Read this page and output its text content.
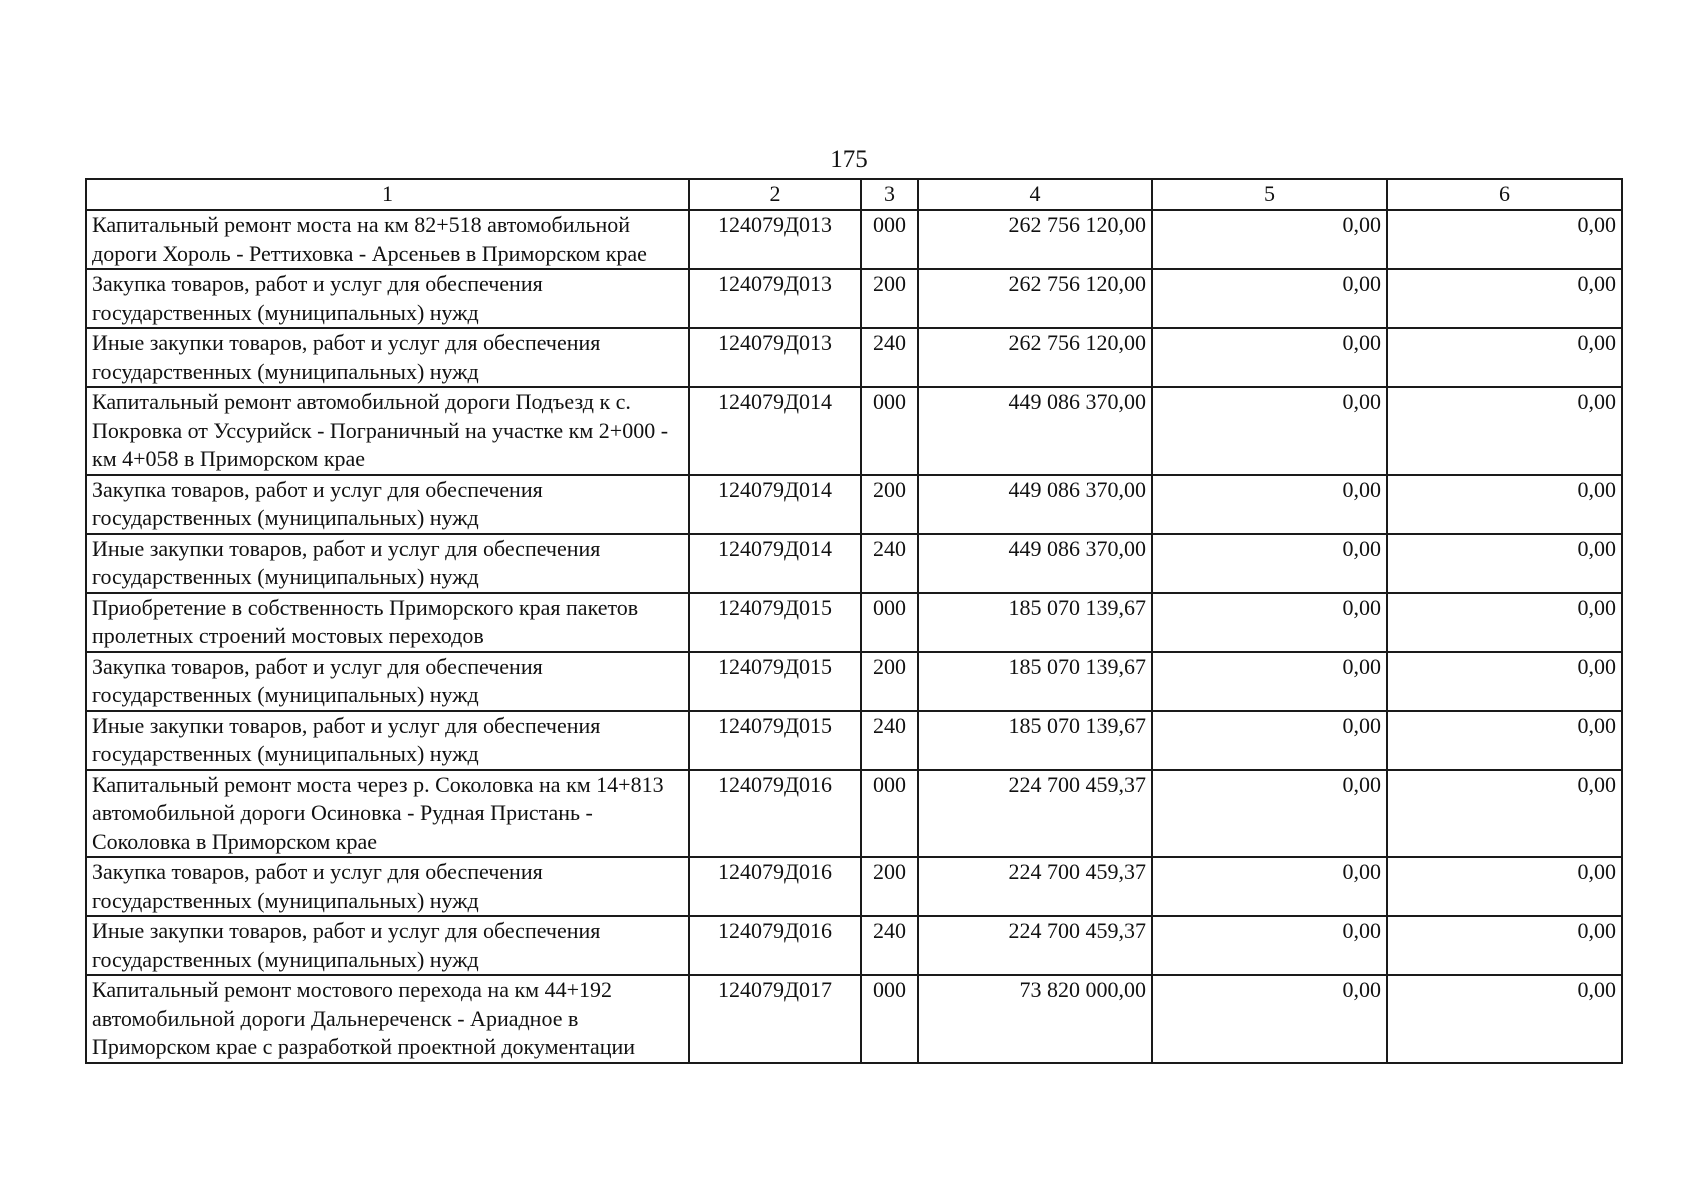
175
1	2	3	4	5	6
Капитальный ремонт моста на км 82+518 автомобильной дороги Хороль - Реттиховка - Арсеньев в Приморском крае	124079Д013	000	262 756 120,00	0,00	0,00
Закупка товаров, работ и услуг для обеспечения государственных (муниципальных) нужд	124079Д013	200	262 756 120,00	0,00	0,00
Иные закупки товаров, работ и услуг для обеспечения государственных (муниципальных) нужд	124079Д013	240	262 756 120,00	0,00	0,00
Капитальный ремонт автомобильной дороги Подъезд к с. Покровка от Уссурийск - Пограничный на участке км 2+000 - км 4+058 в Приморском крае	124079Д014	000	449 086 370,00	0,00	0,00
Закупка товаров, работ и услуг для обеспечения государственных (муниципальных) нужд	124079Д014	200	449 086 370,00	0,00	0,00
Иные закупки товаров, работ и услуг для обеспечения государственных (муниципальных) нужд	124079Д014	240	449 086 370,00	0,00	0,00
Приобретение в собственность Приморского края пакетов пролетных строений мостовых переходов	124079Д015	000	185 070 139,67	0,00	0,00
Закупка товаров, работ и услуг для обеспечения государственных (муниципальных) нужд	124079Д015	200	185 070 139,67	0,00	0,00
Иные закупки товаров, работ и услуг для обеспечения государственных (муниципальных) нужд	124079Д015	240	185 070 139,67	0,00	0,00
Капитальный ремонт моста через р. Соколовка на км 14+813 автомобильной дороги Осиновка - Рудная Пристань - Соколовка в Приморском крае	124079Д016	000	224 700 459,37	0,00	0,00
Закупка товаров, работ и услуг для обеспечения государственных (муниципальных) нужд	124079Д016	200	224 700 459,37	0,00	0,00
Иные закупки товаров, работ и услуг для обеспечения государственных (муниципальных) нужд	124079Д016	240	224 700 459,37	0,00	0,00
Капитальный ремонт мостового перехода на км 44+192 автомобильной дороги Дальнереченск - Ариадное в Приморском крае с разработкой проектной документации	124079Д017	000	73 820 000,00	0,00	0,00
